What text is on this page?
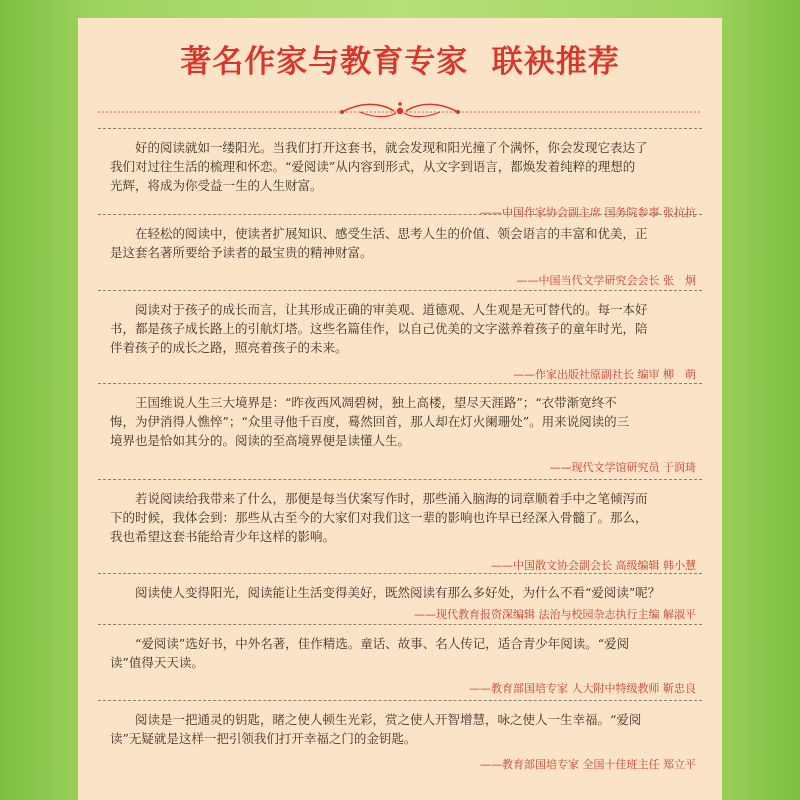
著名作家与教育专家  联袂推荐

　　好的阅读就如一缕阳光。当我们打开这套书，就会发现和阳光撞了个满怀，你会发现它表达了
我们对过往生活的梳理和怀恋。“爱阅读”从内容到形式，从文字到语言，都焕发着纯粹的理想的
光辉，将成为你受益一生的人生财富。

——中国作家协会副主席 国务院参事 张抗抗

　　在轻松的阅读中，使读者扩展知识、感受生活、思考人生的价值、领会语言的丰富和优美，正
是这套名著所要给予读者的最宝贵的精神财富。

——中国当代文学研究会会长 张　炯

　　阅读对于孩子的成长而言，让其形成正确的审美观、道德观、人生观是无可替代的。每一本好
书，都是孩子成长路上的引航灯塔。这些名篇佳作，以自己优美的文字滋养着孩子的童年时光，陪
伴着孩子的成长之路，照亮着孩子的未来。

——作家出版社原副社长 编审 柳　萌

　　王国维说人生三大境界是：“昨夜西风凋碧树，独上高楼，望尽天涯路”；“衣带渐宽终不
悔，为伊消得人憔悴”；“众里寻他千百度，蓦然回首，那人却在灯火阑珊处”。用来说阅读的三
境界也是恰如其分的。阅读的至高境界便是读懂人生。

——现代文学馆研究员 于润琦

　　若说阅读给我带来了什么，那便是每当伏案写作时，那些涌入脑海的词章顺着手中之笔倾泻而
下的时候，我体会到：那些从古至今的大家们对我们这一辈的影响也许早已经深入骨髓了。那么，
我也希望这套书能给青少年这样的影响。

——中国散文协会副会长 高级编辑 韩小慧

　　阅读使人变得阳光，阅读能让生活变得美好，既然阅读有那么多好处，为什么不看“爱阅读”呢？

——现代教育报资深编辑 法治与校园杂志执行主编 解淑平

　　“爱阅读”选好书，中外名著，佳作精选。童话、故事、名人传记，适合青少年阅读。“爱阅
读”值得天天读。

——教育部国培专家 人大附中特级教师 靳忠良

　　阅读是一把通灵的钥匙，睹之使人顿生光彩，赏之使人开智增慧，咏之使人一生幸福。“爱阅
读”无疑就是这样一把引领我们打开幸福之门的金钥匙。

——教育部国培专家 全国十佳班主任 郑立平
